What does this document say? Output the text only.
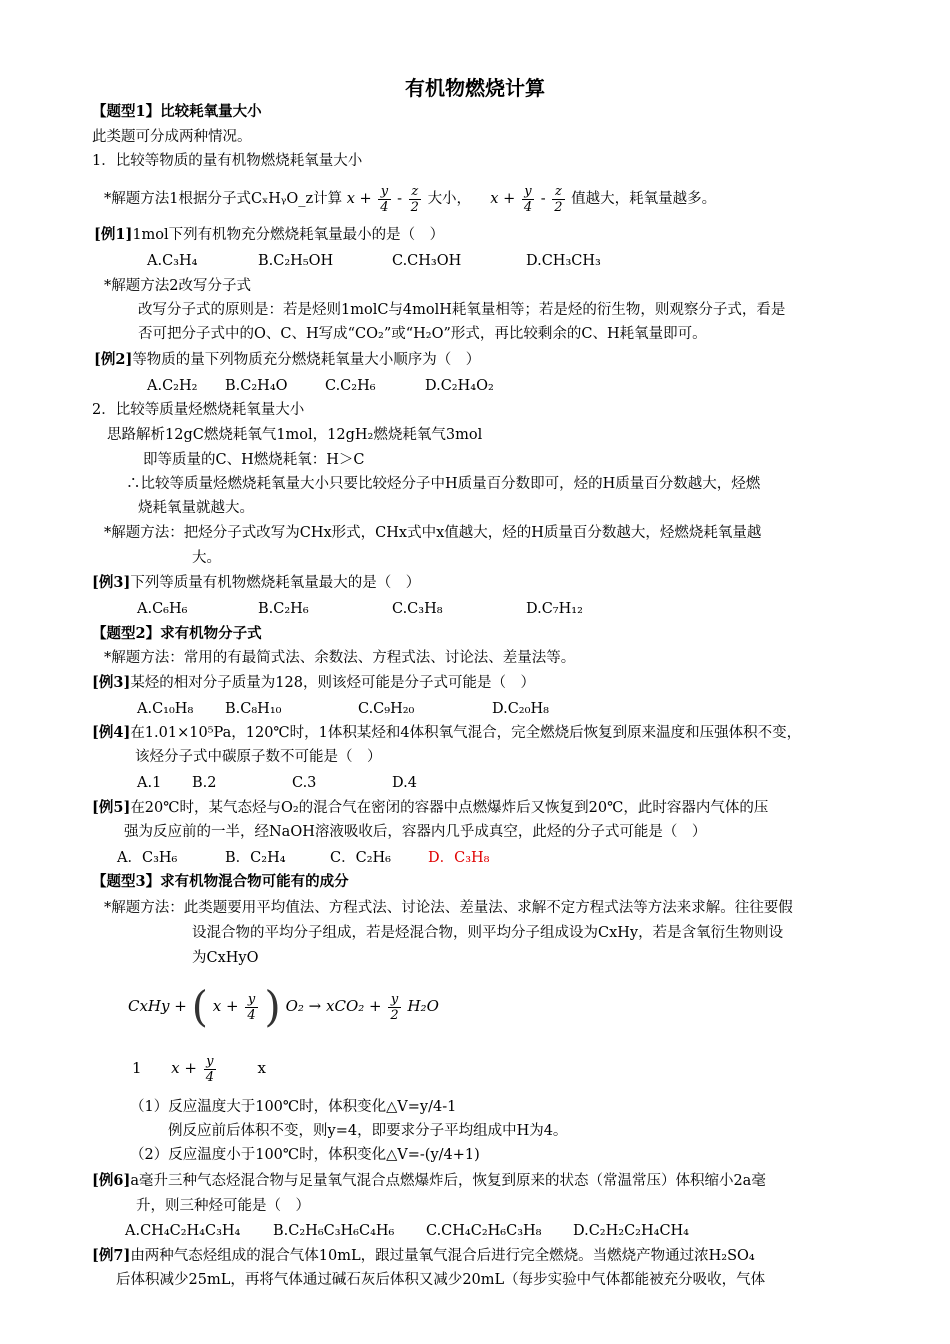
有机物燃烧计算
【题型1】比较耗氧量大小
此类题可分成两种情况。
1．比较等物质的量有机物燃烧耗氧量大小
*解题方法1根据分子式CₓHᵧO_z计算 $x + \frac{y}{4} - \frac{z}{2}$ 大小， $x + \frac{y}{4} - \frac{z}{2}$ 值越大，耗氧量越多。
[例1]1mol下列有机物充分燃烧耗氧量最小的是（　）
A.C₃H₄	B.C₂H₅OH	C.CH₃OH	D.CH₃CH₃
*解题方法2改写分子式
改写分子式的原则是：若是烃则1molC与4molH耗氧量相等；若是烃的衍生物，则观察分子式，看是
否可把分子式中的O、C、H写成“CO₂”或“H₂O”形式，再比较剩余的C、H耗氧量即可。
[例2]等物质的量下列物质充分燃烧耗氧量大小顺序为（　）
A.C₂H₂ B.C₂H₄O	C.C₂H₆	D.C₂H₄O₂
2．比较等质量烃燃烧耗氧量大小
思路解析12gC燃烧耗氧气1mol，12gH₂燃烧耗氧气3mol
即等质量的C、H燃烧耗氧：H＞C
∴比较等质量烃燃烧耗氧量大小只要比较烃分子中H质量百分数即可，烃的H质量百分数越大，烃燃
烧耗氧量就越大。
*解题方法：把烃分子式改写为CHx形式，CHx式中x值越大，烃的H质量百分数越大，烃燃烧耗氧量越
大。
[例3]下列等质量有机物燃烧耗氧量最大的是（　）
A.C₆H₆	B.C₂H₆	C.C₃H₈	D.C₇H₁₂
【题型2】求有机物分子式
*解题方法：常用的有最简式法、余数法、方程式法、讨论法、差量法等。
[例3]某烃的相对分子质量为128，则该烃可能是分子式可能是（　）
A.C₁₀H₈ B.C₈H₁₀	C.C₉H₂₀	D.C₂₀H₈
[例4]在1.01×10⁵Pa，120℃时，1体积某烃和4体积氧气混合，完全燃烧后恢复到原来温度和压强体积不变，
该烃分子式中碳原子数不可能是（　）
A.1 B.2	C.3	D.4
[例5]在20℃时，某气态烃与O₂的混合气在密闭的容器中点燃爆炸后又恢复到20℃，此时容器内气体的压
强为反应前的一半，经NaOH溶液吸收后，容器内几乎成真空，此烃的分子式可能是（　）
A．C₃H₆	B．C₂H₄	C．C₂H₆	D．C₃H₈
【题型3】求有机物混合物可能有的成分
*解题方法：此类题要用平均值法、方程式法、讨论法、差量法、求解不定方程式法等方法来求解。往往要假
设混合物的平均分子组成，若是烃混合物，则平均分子组成设为CxHy，若是含氧衍生物则设
为CxHyO
CxHy + ( $x + \frac{y}{4}$ ) $O_2 \to xCO_2 + \frac{y}{2} H_2O$
1 $x + \frac{y}{4}$	x
（1）反应温度大于100℃时，体积变化△V=y/4-1
例反应前后体积不变，则y=4，即要求分子平均组成中H为4。
（2）反应温度小于100℃时，体积变化△V=-(y/4+1)
[例6]a毫升三种气态烃混合物与足量氧气混合点燃爆炸后，恢复到原来的状态（常温常压）体积缩小2a毫
升，则三种烃可能是（　）
A.CH₄C₂H₄C₃H₄ B.C₂H₆C₃H₆C₄H₆ C.CH₄C₂H₆C₃H₈ D.C₂H₂C₂H₄CH₄
[例7]由两种气态烃组成的混合气体10mL，跟过量氧气混合后进行完全燃烧。当燃烧产物通过浓H₂SO₄
后体积减少25mL，再将气体通过碱石灰后体积又减少20mL（每步实验中气体都能被充分吸收，气体
